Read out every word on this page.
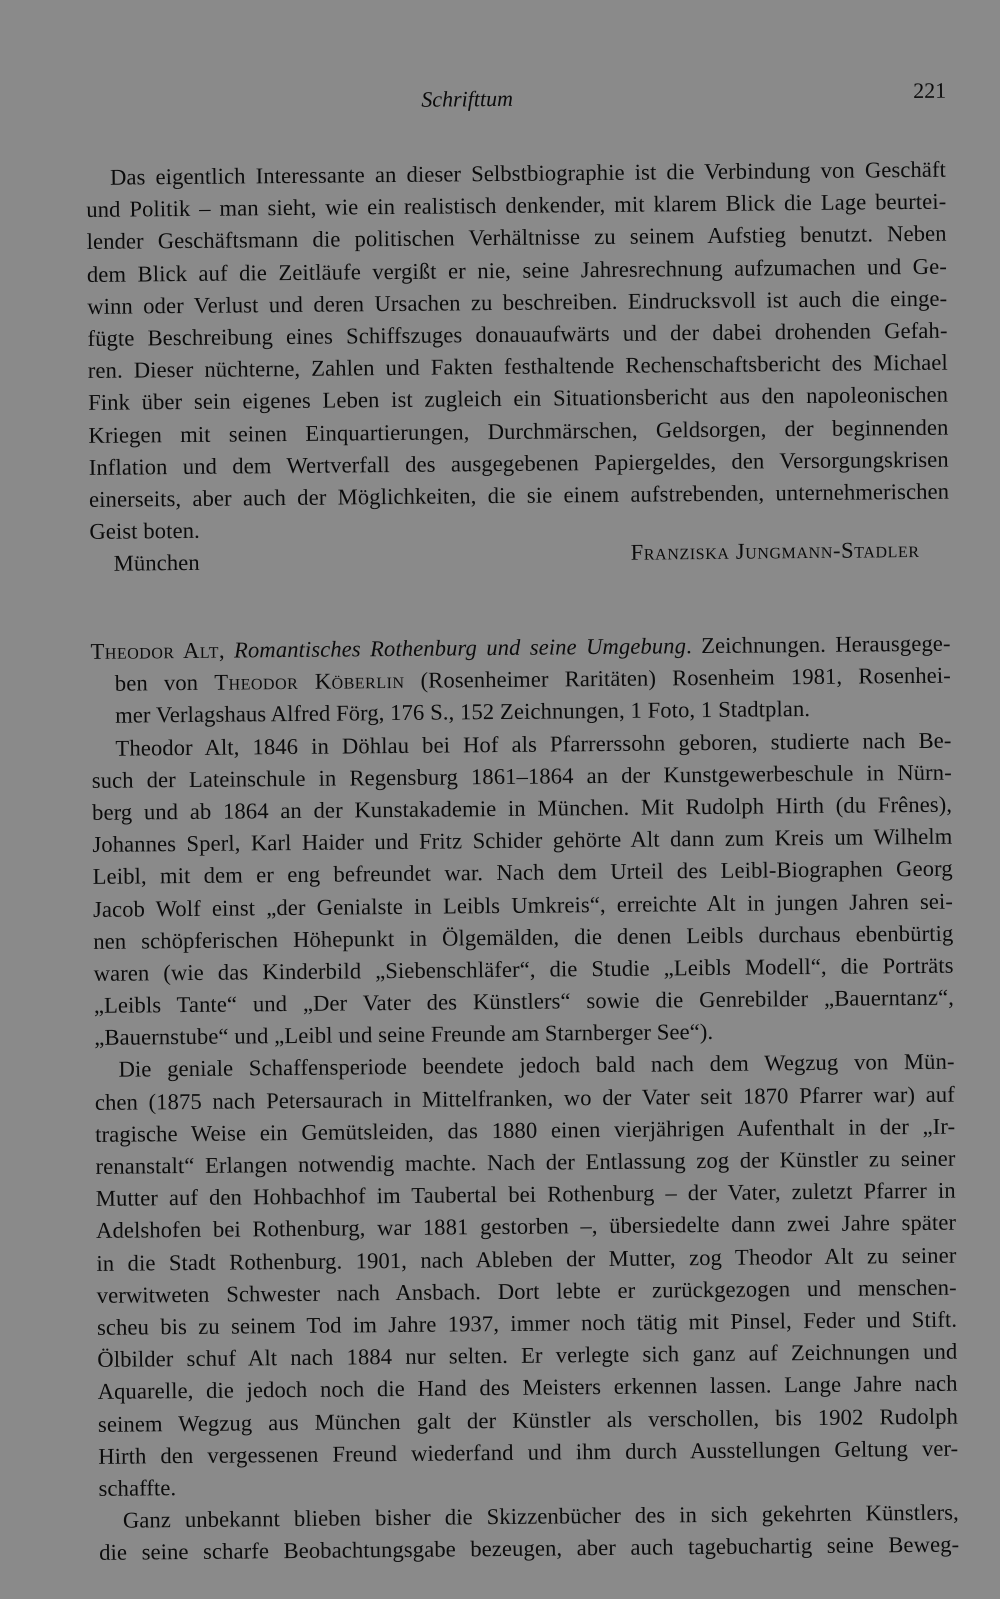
Schrifttum	221
Das eigentlich Interessante an dieser Selbstbiographie ist die Verbindung von Geschäft
und Politik – man sieht, wie ein realistisch denkender, mit klarem Blick die Lage beurtei-
lender Geschäftsmann die politischen Verhältnisse zu seinem Aufstieg benutzt. Neben
dem Blick auf die Zeitläufe vergißt er nie, seine Jahresrechnung aufzumachen und Ge-
winn oder Verlust und deren Ursachen zu beschreiben. Eindrucksvoll ist auch die einge-
fügte Beschreibung eines Schiffszuges donauaufwärts und der dabei drohenden Gefah-
ren. Dieser nüchterne, Zahlen und Fakten festhaltende Rechenschaftsbericht des Michael
Fink über sein eigenes Leben ist zugleich ein Situationsbericht aus den napoleonischen
Kriegen mit seinen Einquartierungen, Durchmärschen, Geldsorgen, der beginnenden
Inflation und dem Wertverfall des ausgegebenen Papiergeldes, den Versorgungskrisen
einerseits, aber auch der Möglichkeiten, die sie einem aufstrebenden, unternehmerischen
Geist boten.
München	Franziska Jungmann-Stadler
Theodor Alt, Romantisches Rothenburg und seine Umgebung. Zeichnungen. Herausgege-
ben von Theodor Köberlin (Rosenheimer Raritäten) Rosenheim 1981, Rosenhei-
mer Verlagshaus Alfred Förg, 176 S., 152 Zeichnungen, 1 Foto, 1 Stadtplan.
Theodor Alt, 1846 in Döhlau bei Hof als Pfarrerssohn geboren, studierte nach Be-
such der Lateinschule in Regensburg 1861–1864 an der Kunstgewerbeschule in Nürn-
berg und ab 1864 an der Kunstakademie in München. Mit Rudolph Hirth (du Frênes),
Johannes Sperl, Karl Haider und Fritz Schider gehörte Alt dann zum Kreis um Wilhelm
Leibl, mit dem er eng befreundet war. Nach dem Urteil des Leibl-Biographen Georg
Jacob Wolf einst „der Genialste in Leibls Umkreis“, erreichte Alt in jungen Jahren sei-
nen schöpferischen Höhepunkt in Ölgemälden, die denen Leibls durchaus ebenbürtig
waren (wie das Kinderbild „Siebenschläfer“, die Studie „Leibls Modell“, die Porträts
„Leibls Tante“ und „Der Vater des Künstlers“ sowie die Genrebilder „Bauerntanz“,
„Bauernstube“ und „Leibl und seine Freunde am Starnberger See“).
Die geniale Schaffensperiode beendete jedoch bald nach dem Wegzug von Mün-
chen (1875 nach Petersaurach in Mittelfranken, wo der Vater seit 1870 Pfarrer war) auf
tragische Weise ein Gemütsleiden, das 1880 einen vierjährigen Aufenthalt in der „Ir-
renanstalt“ Erlangen notwendig machte. Nach der Entlassung zog der Künstler zu seiner
Mutter auf den Hohbachhof im Taubertal bei Rothenburg – der Vater, zuletzt Pfarrer in
Adelshofen bei Rothenburg, war 1881 gestorben –, übersiedelte dann zwei Jahre später
in die Stadt Rothenburg. 1901, nach Ableben der Mutter, zog Theodor Alt zu seiner
verwitweten Schwester nach Ansbach. Dort lebte er zurückgezogen und menschen-
scheu bis zu seinem Tod im Jahre 1937, immer noch tätig mit Pinsel, Feder und Stift.
Ölbilder schuf Alt nach 1884 nur selten. Er verlegte sich ganz auf Zeichnungen und
Aquarelle, die jedoch noch die Hand des Meisters erkennen lassen. Lange Jahre nach
seinem Wegzug aus München galt der Künstler als verschollen, bis 1902 Rudolph
Hirth den vergessenen Freund wiederfand und ihm durch Ausstellungen Geltung ver-
schaffte.
Ganz unbekannt blieben bisher die Skizzenbücher des in sich gekehrten Künstlers,
die seine scharfe Beobachtungsgabe bezeugen, aber auch tagebuchartig seine Beweg-
